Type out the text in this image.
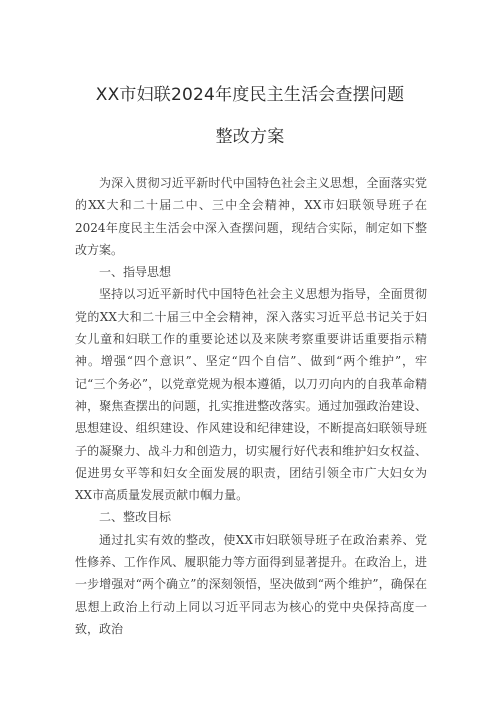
XX市妇联2024年度民主生活会查摆问题
整改方案

为深入贯彻习近平新时代中国特色社会主义思想，全面落实党的XX大和二十届二中、三中全会精神，XX市妇联领导班子在2024年度民主生活会中深入查摆问题，现结合实际，制定如下整改方案。

一、指导思想

坚持以习近平新时代中国特色社会主义思想为指导，全面贯彻党的XX大和二十届三中全会精神，深入落实习近平总书记关于妇女儿童和妇联工作的重要论述以及来陕考察重要讲话重要指示精神。增强“四个意识”、坚定“四个自信”、做到“两个维护”，牢记“三个务必”，以党章党规为根本遵循，以刀刃向内的自我革命精神，聚焦查摆出的问题，扎实推进整改落实。通过加强政治建设、思想建设、组织建设、作风建设和纪律建设，不断提高妇联领导班子的凝聚力、战斗力和创造力，切实履行好代表和维护妇女权益、促进男女平等和妇女全面发展的职责，团结引领全市广大妇女为XX市高质量发展贡献巾帼力量。

二、整改目标

通过扎实有效的整改，使XX市妇联领导班子在政治素养、党性修养、工作作风、履职能力等方面得到显著提升。在政治上，进一步增强对“两个确立”的深刻领悟，坚决做到“两个维护”，确保在思想上政治上行动上同以习近平同志为核心的党中央保持高度一致，政治
